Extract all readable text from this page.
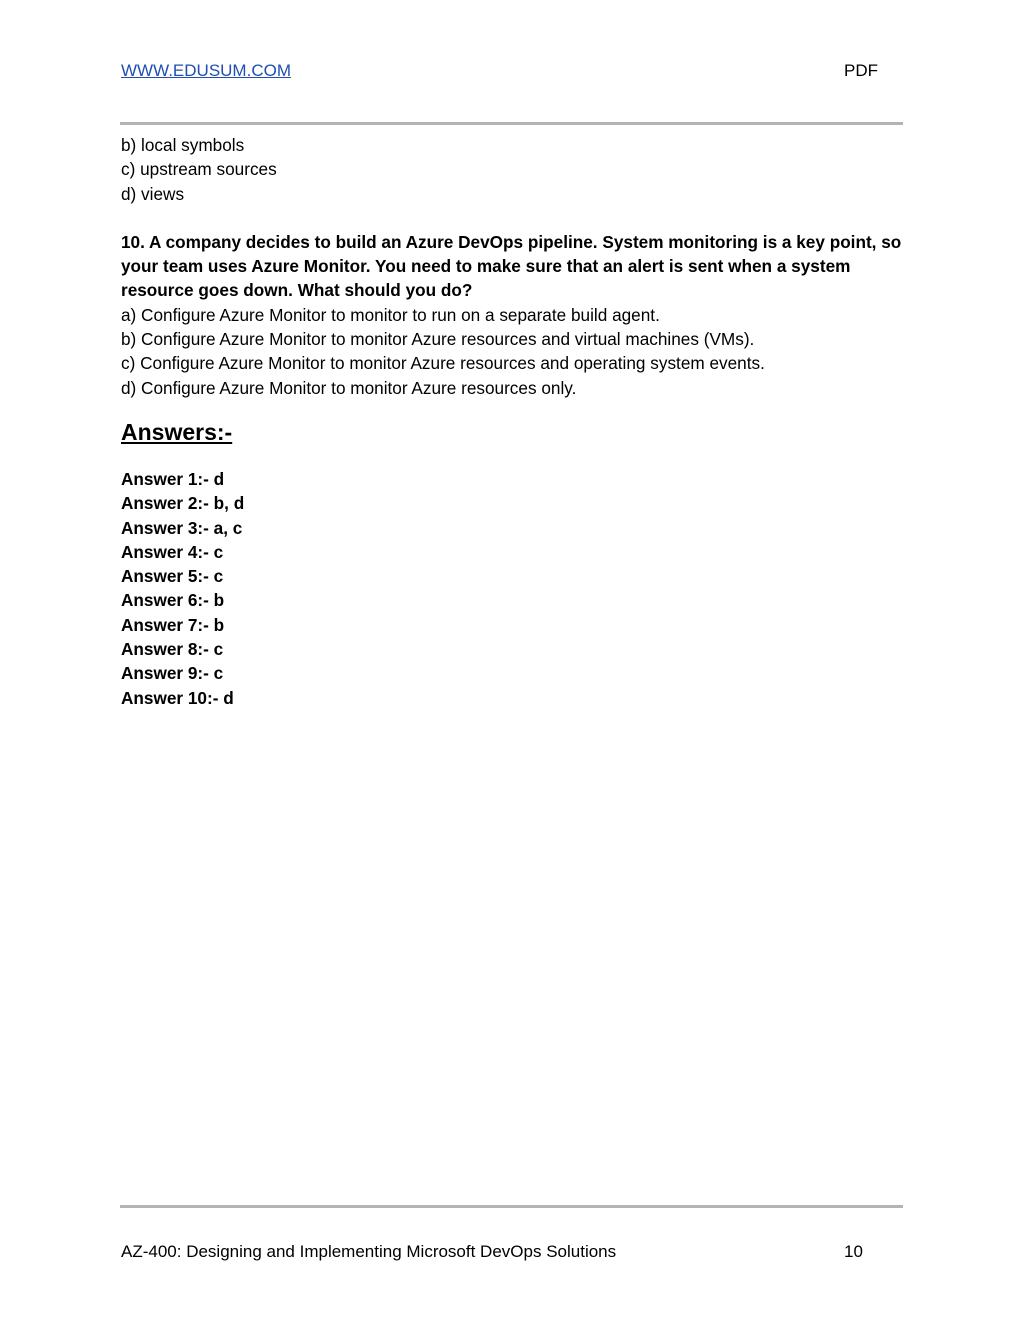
WWW.EDUSUM.COM	PDF
b) local symbols
c) upstream sources
d) views
10. A company decides to build an Azure DevOps pipeline. System monitoring is a key point, so your team uses Azure Monitor. You need to make sure that an alert is sent when a system resource goes down. What should you do?
a) Configure Azure Monitor to monitor to run on a separate build agent.
b) Configure Azure Monitor to monitor Azure resources and virtual machines (VMs).
c) Configure Azure Monitor to monitor Azure resources and operating system events.
d) Configure Azure Monitor to monitor Azure resources only.
Answers:-
Answer 1:- d
Answer 2:- b, d
Answer 3:- a, c
Answer 4:- c
Answer 5:- c
Answer 6:- b
Answer 7:- b
Answer 8:- c
Answer 9:- c
Answer 10:- d
AZ-400: Designing and Implementing Microsoft DevOps Solutions	10
